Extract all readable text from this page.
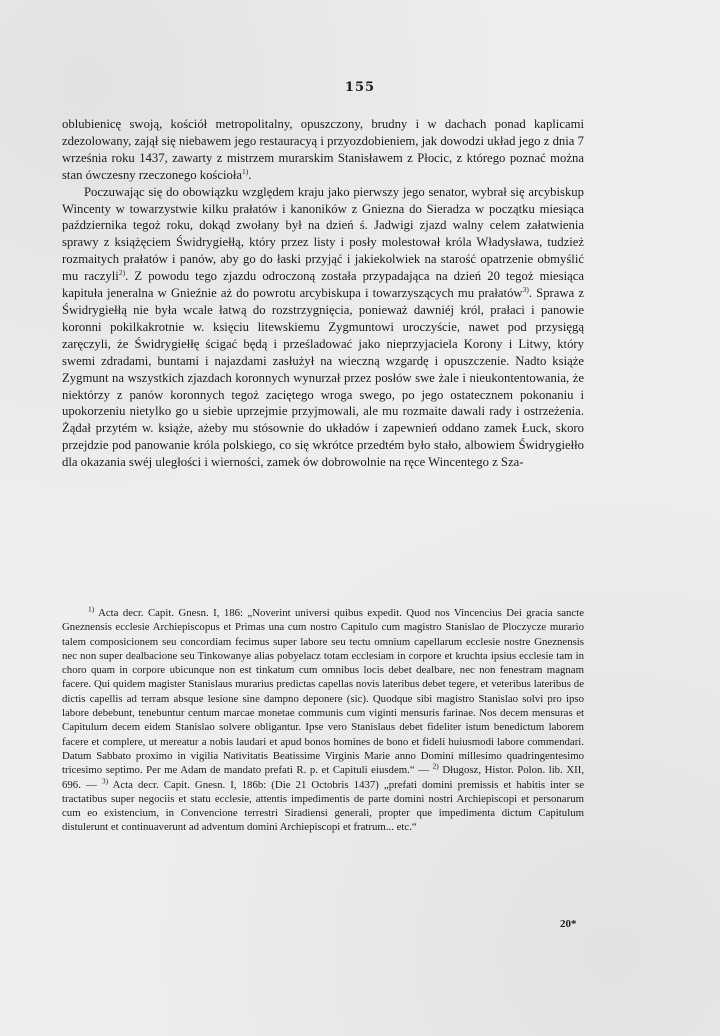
155

oblubienicę swoją, kościół metropolitalny, opuszczony, brudny i w dachach ponad kaplicami zdezolowany, zajął się niebawem jego restauracyą i przyozdobieniem, jak dowodzi układ jego z dnia 7 września roku 1437, zawarty z mistrzem murarskim Stanisławem z Płocic, z którego poznać można stan ówczesny rzeczonego kościoła$^{1)}$.

Poczuwając się do obowiązku względem kraju jako pierwszy jego senator, wybrał się arcybiskup Wincenty w towarzystwie kilku prałatów i kanoników z Gniezna do Sieradza w początku miesiąca października tegoż roku, dokąd zwołany był na dzień ś. Jadwigi zjazd walny celem załatwienia sprawy z książęciem Świdrygiełłą, który przez listy i posły molestował króla Władysława, tudzież rozmaitych prałatów i panów, aby go do łaski przyjąć i jakiekolwiek na starość opatrzenie obmyślić mu raczyli$^{2)}$. Z powodu tego zjazdu odroczoną została przypadająca na dzień 20 tegoż miesiąca kapituła jeneralna w Gnieźnie aż do powrotu arcybiskupa i towarzyszących mu prałatów$^{3)}$. Sprawa z Świdrygiełłą nie była wcale łatwą do rozstrzygnięcia, ponieważ dawniéj król, prałaci i panowie koronni pokilkakrotnie w. księciu litewskiemu Zygmuntowi uroczyście, nawet pod przysięgą zaręczyli, że Świdrygiełłę ścigać będą i prześladować jako nieprzyjaciela Korony i Litwy, który swemi zdradami, buntami i najazdami zasłużył na wieczną wzgardę i opuszczenie. Nadto książe Zygmunt na wszystkich zjazdach koronnych wynurzał przez posłów swe żale i nieukontentowania, że niektórzy z panów koronnych tegoż zaciętego wroga swego, po jego ostatecznem pokonaniu i upokorzeniu nietylko go u siebie uprzejmie przyjmowali, ale mu rozmaite dawali rady i ostrzeżenia. Żądał przytém w. książe, ażeby mu stósownie do układów i zapewnień oddano zamek Łuck, skoro przejdzie pod panowanie króla polskiego, co się wkrótce przedtém było stało, albowiem Świdrygiełło dla okazania swéj uległości i wierności, zamek ów dobrowolnie na ręce Wincentego z Sza-

$^{1)}$ Acta decr. Capit. Gnesn. I, 186: „Noverint universi quibus expedit. Quod nos Vincencius Dei gracia sancte Gneznensis ecclesie Archiepiscopus et Primas una cum nostro Capitulo cum magistro Stanislao de Ploczycze murario talem composicionem seu concordiam fecimus super labore seu tectu omnium capellarum ecclesie nostre Gneznensis nec non super dealbacione seu Tinkowanye alias pobyelacz totam ecclesiam in corpore et kruchta ipsius ecclesie tam in choro quam in corpore ubicunque non est tinkatum cum omnibus locis debet dealbare, nec non fenestram magnam facere. Qui quidem magister Stanislaus murarius predictas capellas novis lateribus debet tegere, et veteribus lateribus de dictis capellis ad terram absque lesione sine dampno deponere (sic). Quodque sibi magistro Stanislao solvi pro ipso labore debebunt, tenebuntur centum marcae monetae communis cum viginti mensuris farinae. Nos decem mensuras et Capitulum decem eidem Stanislao solvere obligantur. Ipse vero Stanislaus debet fideliter istum benedictum laborem facere et complere, ut mereatur a nobis laudari et apud bonos homines de bono et fideli huiusmodi labore commendari. Datum Sabbato proximo in vigilia Nativitatis Beatissime Virginis Marie anno Domini millesimo quadringentesimo tricesimo septimo. Per me Adam de mandato prefati R. p. et Capituli eiusdem.“ — $^{2)}$ Długosz, Histor. Polon. lib. XII, 696. — $^{3)}$ Acta decr. Capit. Gnesn. I, 186b: (Die 21 Octobris 1437) „prefati domini premissis et habitis inter se tractatibus super negociis et statu ecclesie, attentis impedimentis de parte domini nostri Archiepiscopi et personarum cum eo existencium, in Convencione terrestri Siradiensi generali, propter que impedimenta dictum Capitulum distulerunt et continuaverunt ad adventum domini Archiepiscopi et fratrum... etc.“

20*
